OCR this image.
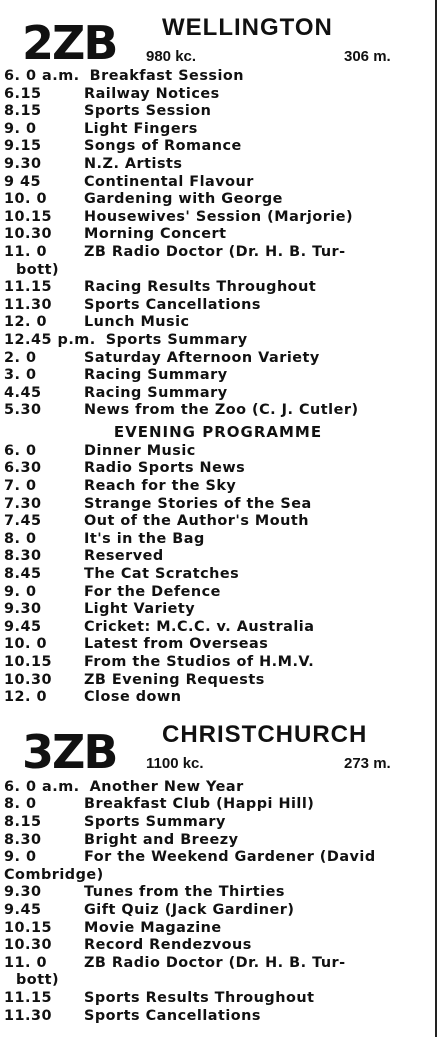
2ZB WELLINGTON
980 kc.	306 m.
6. 0 a.m. Breakfast Session
6.15	Railway Notices
8.15	Sports Session
9. 0	Light Fingers
9.15	Songs of Romance
9.30	N.Z. Artists
9 45	Continental Flavour
10. 0	Gardening with George
10.15	Housewives' Session (Marjorie)
10.30	Morning Concert
11. 0	ZB Radio Doctor (Dr. H. B. Tur-
bott)
11.15	Racing Results Throughout
11.30	Sports Cancellations
12. 0	Lunch Music
12.45 p.m. Sports Summary
2. 0	Saturday Afternoon Variety
3. 0	Racing Summary
4.45	Racing Summary
5.30	News from the Zoo (C. J. Cutler)
EVENING PROGRAMME
6. 0	Dinner Music
6.30	Radio Sports News
7. 0	Reach for the Sky
7.30	Strange Stories of the Sea
7.45	Out of the Author's Mouth
8. 0	It's in the Bag
8.30	Reserved
8.45	The Cat Scratches
9. 0	For the Defence
9.30	Light Variety
9.45	Cricket: M.C.C. v. Australia
10. 0	Latest from Overseas
10.15	From the Studios of H.M.V.
10.30	ZB Evening Requests
12. 0	Close down
3ZB CHRISTCHURCH
1100 kc.	273 m.
6. 0 a.m. Another New Year
8. 0	Breakfast Club (Happi Hill)
8.15	Sports Summary
8.30	Bright and Breezy
9. 0	For the Weekend Gardener (David
Combridge)
9.30	Tunes from the Thirties
9.45	Gift Quiz (Jack Gardiner)
10.15	Movie Magazine
10.30	Record Rendezvous
11. 0	ZB Radio Doctor (Dr. H. B. Tur-
bott)
11.15	Sports Results Throughout
11.30	Sports Cancellations
